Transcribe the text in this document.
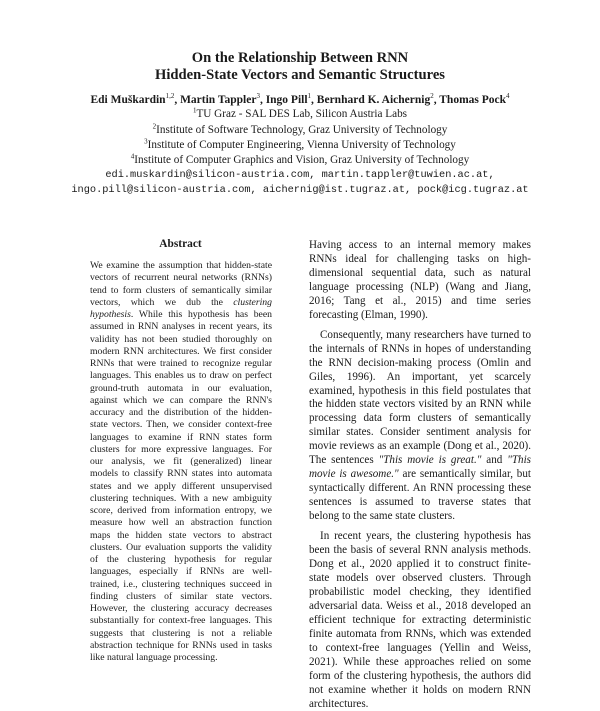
On the Relationship Between RNN
Hidden-State Vectors and Semantic Structures
Edi Muškardin$^{1,2}$, Martin Tappler$^3$, Ingo Pill$^1$, Bernhard K. Aichernig$^2$, Thomas Pock$^4$
$^1$TU Graz - SAL DES Lab, Silicon Austria Labs
$^2$Institute of Software Technology, Graz University of Technology
$^3$Institute of Computer Engineering, Vienna University of Technology
$^4$Institute of Computer Graphics and Vision, Graz University of Technology
edi.muskardin@silicon-austria.com, martin.tappler@tuwien.ac.at,
ingo.pill@silicon-austria.com, aichernig@ist.tugraz.at, pock@icg.tugraz.at
Abstract
We examine the assumption that hidden-state vectors of recurrent neural networks (RNNs) tend to form clusters of semantically similar vectors, which we dub the clustering hypothesis. While this hypothesis has been assumed in RNN analyses in recent years, its validity has not been studied thoroughly on modern RNN architectures. We first consider RNNs that were trained to recognize regular languages. This enables us to draw on perfect ground-truth automata in our evaluation, against which we can compare the RNN's accuracy and the distribution of the hidden-state vectors. Then, we consider context-free languages to examine if RNN states form clusters for more expressive languages. For our analysis, we fit (generalized) linear models to classify RNN states into automata states and we apply different unsupervised clustering techniques. With a new ambiguity score, derived from information entropy, we measure how well an abstraction function maps the hidden state vectors to abstract clusters. Our evaluation supports the validity of the clustering hypothesis for regular languages, especially if RNNs are well-trained, i.e., clustering techniques succeed in finding clusters of similar state vectors. However, the clustering accuracy decreases substantially for context-free languages. This suggests that clustering is not a reliable abstraction technique for RNNs used in tasks like natural language processing.

Having access to an internal memory makes RNNs ideal for challenging tasks on high-dimensional sequential data, such as natural language processing (NLP) (Wang and Jiang, 2016; Tang et al., 2015) and time series forecasting (Elman, 1990).

Consequently, many researchers have turned to the internals of RNNs in hopes of understanding the RNN decision-making process (Omlin and Giles, 1996). An important, yet scarcely examined, hypothesis in this field postulates that the hidden state vectors visited by an RNN while processing data form clusters of semantically similar states. Consider sentiment analysis for movie reviews as an example (Dong et al., 2020). The sentences "This movie is great." and "This movie is awesome." are semantically similar, but syntactically different. An RNN processing these sentences is assumed to traverse states that belong to the same state clusters.

In recent years, the clustering hypothesis has been the basis of several RNN analysis methods. Dong et al., 2020 applied it to construct finite-state models over observed clusters. Through probabilistic model checking, they identified adversarial data. Weiss et al., 2018 developed an efficient technique for extracting deterministic finite automata from RNNs, which was extended to context-free languages (Yellin and Weiss, 2021). While these approaches relied on some form of the clustering hypothesis, the authors did not examine whether it holds on modern RNN architectures.
